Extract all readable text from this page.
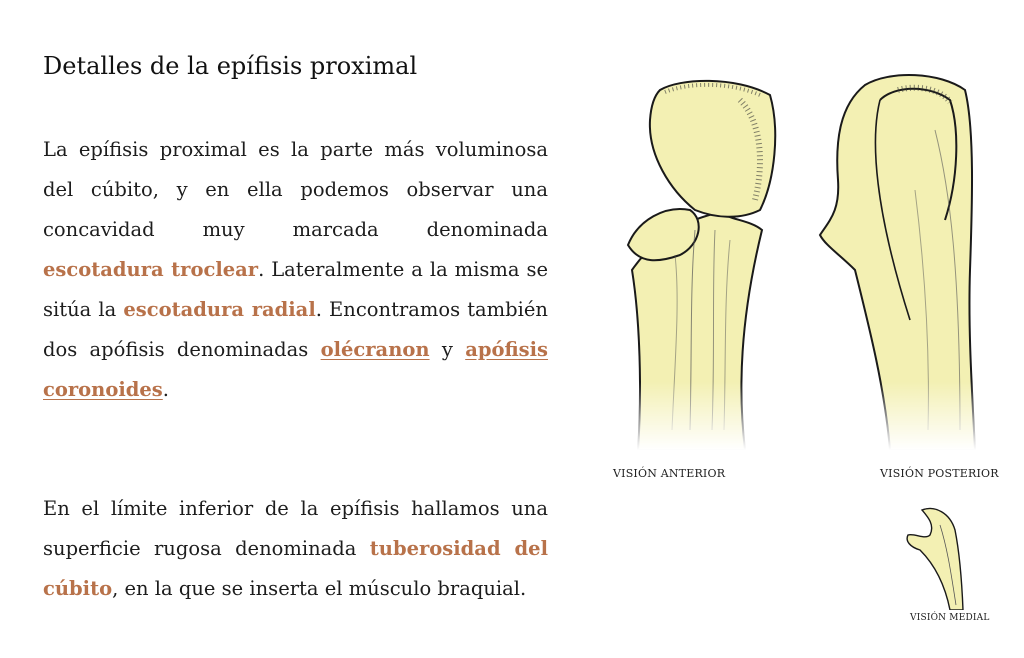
Detalles de la epífisis proximal

La epífisis proximal es la parte más voluminosa del cúbito, y en ella podemos observar una concavidad muy marcada denominada escotadura troclear. Lateralmente a la misma se sitúa la escotadura radial. Encontramos también dos apófisis denominadas olécranon y apófisis coronoides.

En el límite inferior de la epífisis hallamos una superficie rugosa denominada tuberosidad del cúbito, en la que se inserta el músculo braquial.

VISIÓN ANTERIOR	VISIÓN POSTERIOR
VISIÓN MEDIAL
